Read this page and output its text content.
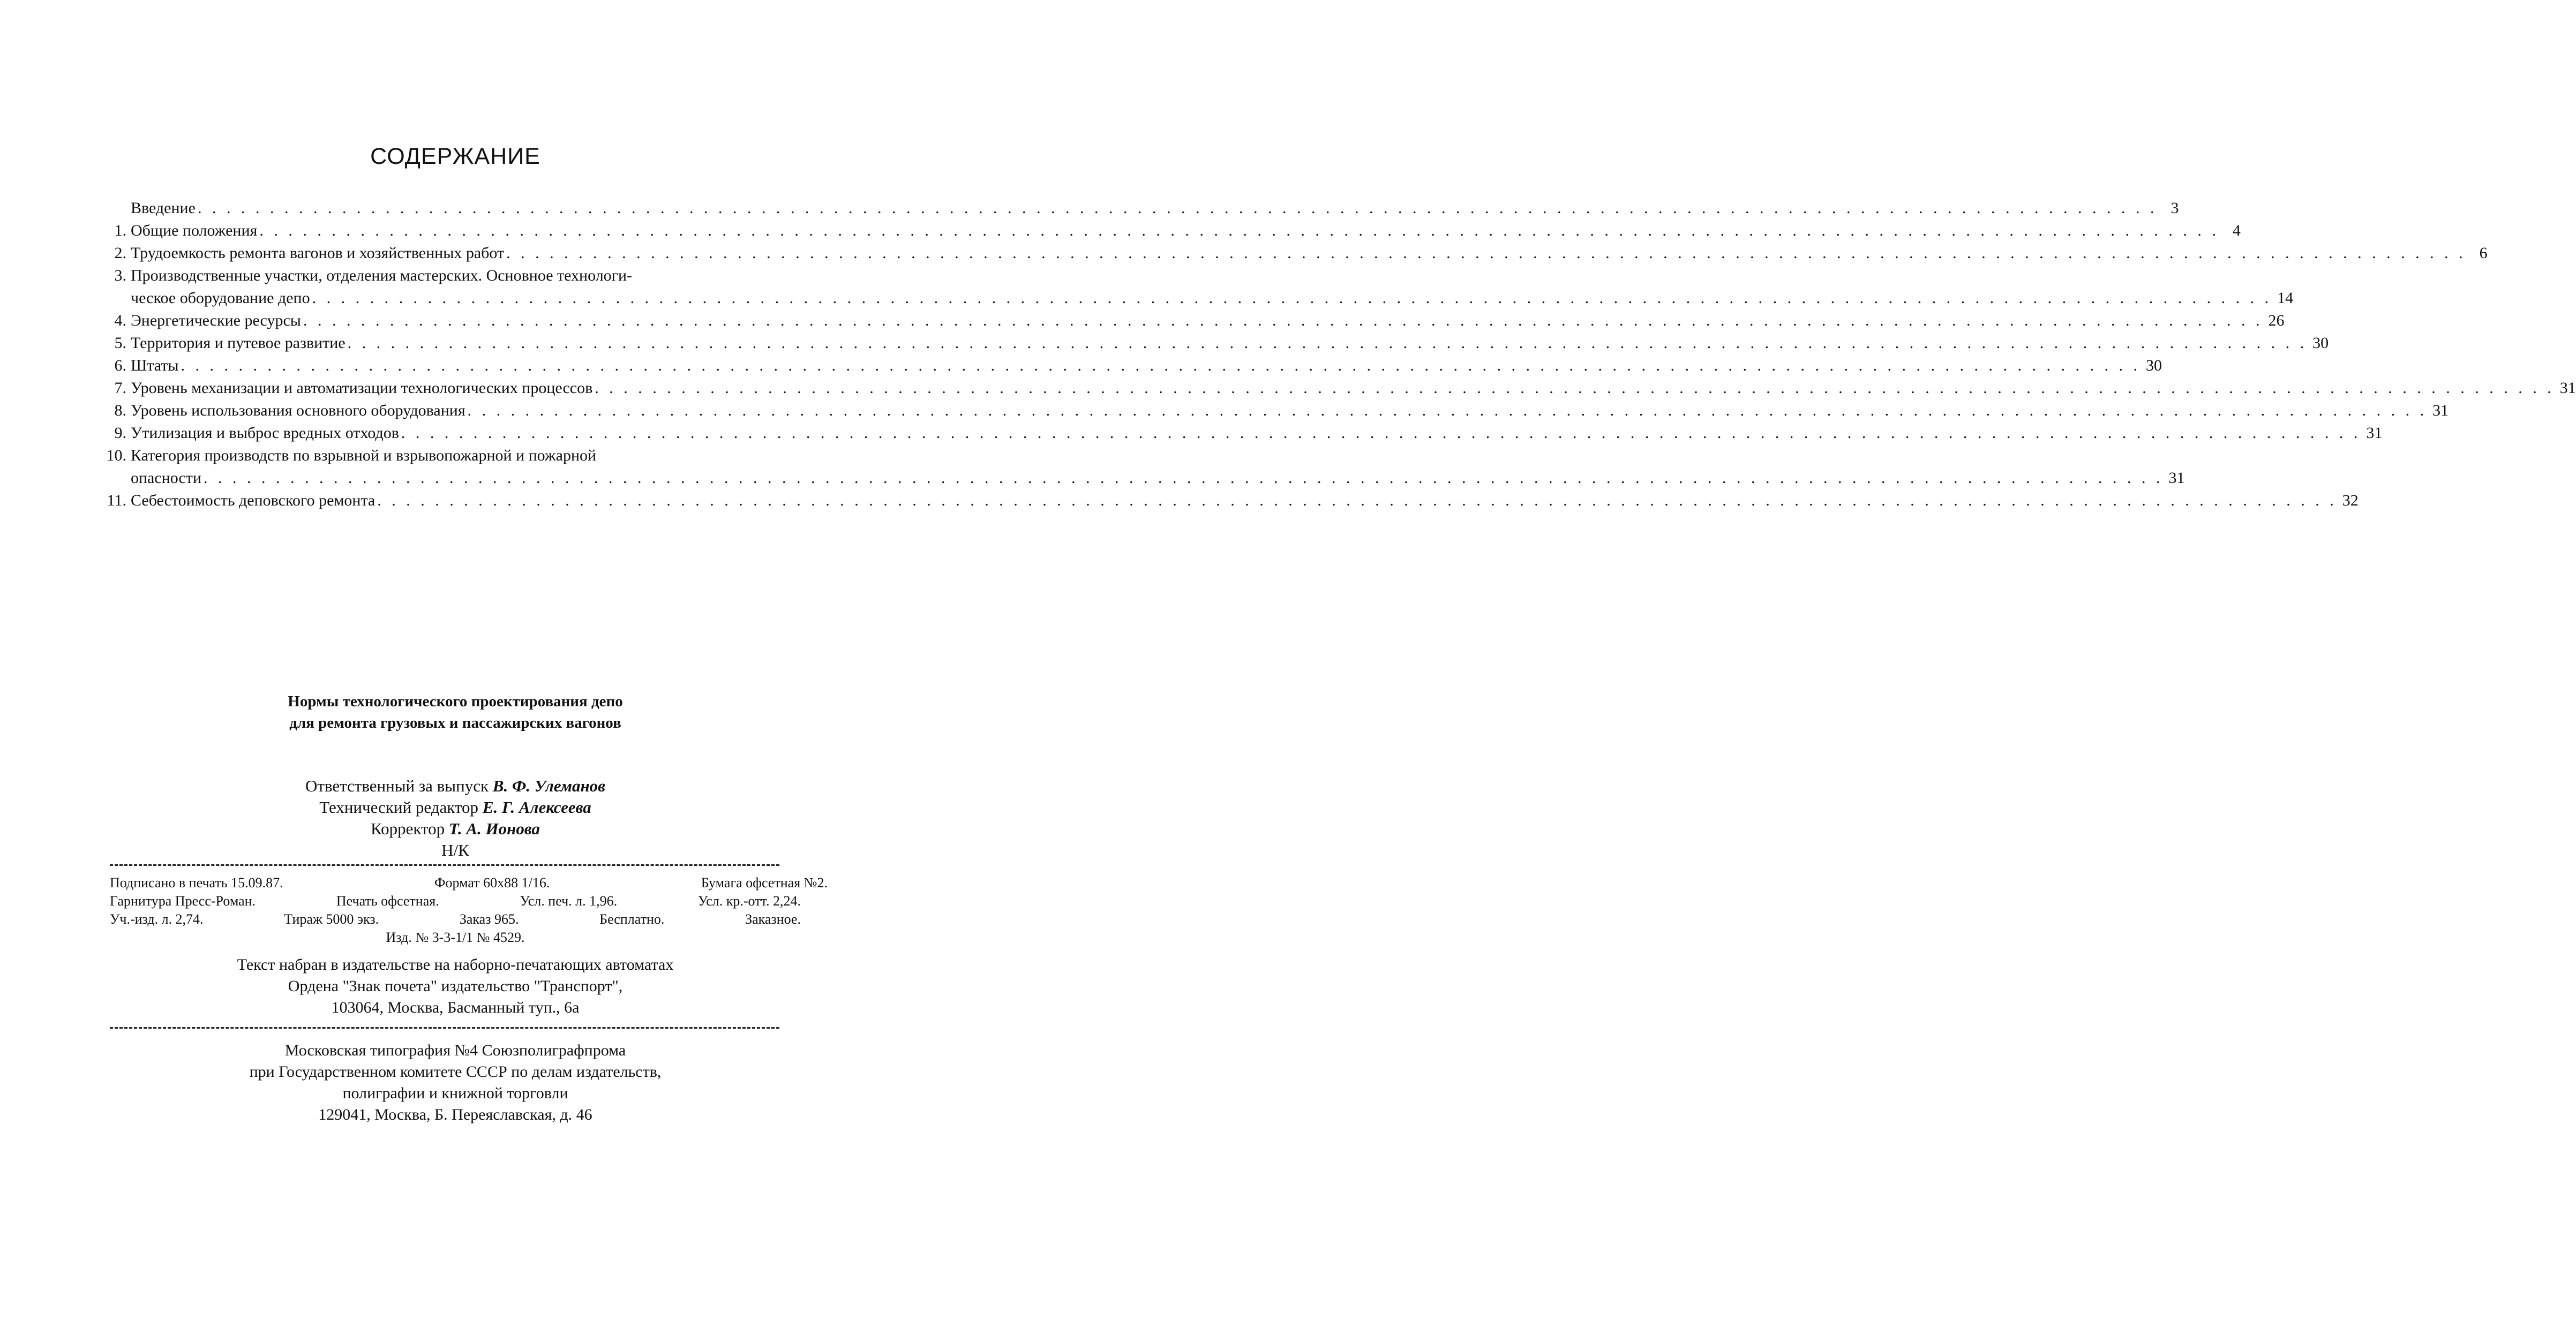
СОДЕРЖАНИЕ
Введение . . .	3
1. Общие положения . . .	4
2. Трудоемкость ремонта вагонов и хозяйственных работ . . .	6
3. Производственные участки, отделения мастерских. Основное технологи-
ческое оборудование депо . . .	14
4. Энергетические ресурсы . . .	26
5. Территория и путевое развитие . . .	30
6. Штаты . . .	30
7. Уровень механизации и автоматизации технологических процессов . . .	31
8. Уровень использования основного оборудования . . .	31
9. Утилизация и выброс вредных отходов . . .	31
10. Категория производств по взрывной и взрывопожарной и пожарной
опасности . . .	31
11. Себестоимость деповского ремонта . . .	32
Нормы технологического проектирования депо
для ремонта грузовых и пассажирских вагонов
Ответственный за выпуск В. Ф. Улеманов
Технический редактор Е. Г. Алексеева
Корректор Т. А. Ионова
Н/К
Подписано в печать 15.09.87.	Формат 60х88 1/16.	Бумага офсетная №2.
Гарнитура Пресс-Роман.	Печать офсетная.	Усл. печ. л. 1,96.	Усл. кр.-отт. 2,24.
Уч.-изд. л. 2,74.	Тираж 5000 экз.	Заказ 965.	Бесплатно.	Заказное.
Изд. № 3-3-1/1 № 4529.
Текст набран в издательстве на наборно-печатающих автоматах
Ордена "Знак почета" издательство "Транспорт",
103064, Москва, Басманный туп., 6а
Московская типография №4 Союзполиграфпрома
при Государственном комитете СССР по делам издательств,
полиграфии и книжной торговли
129041, Москва, Б. Переяславская, д. 46
